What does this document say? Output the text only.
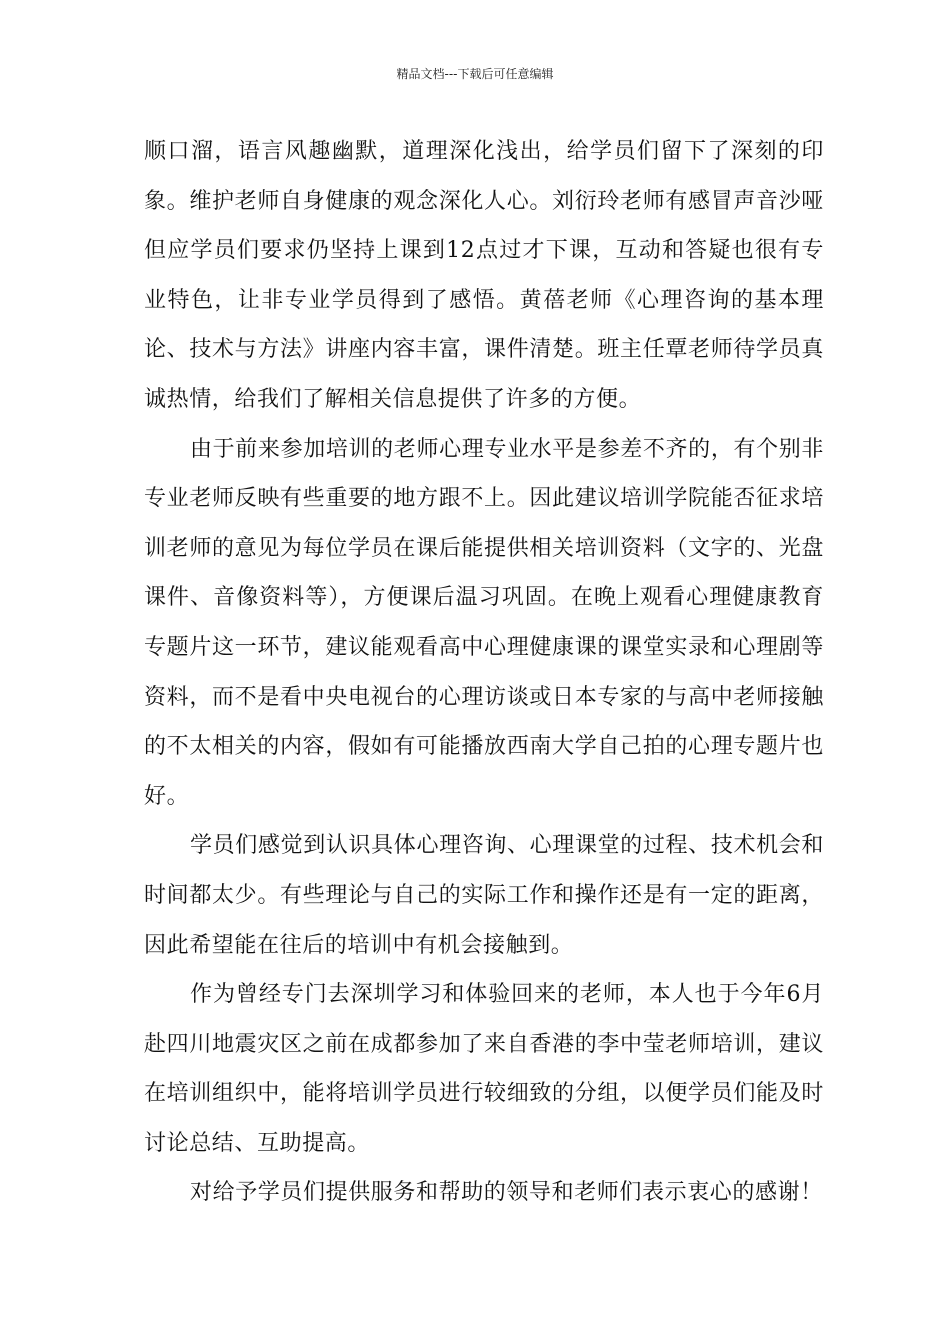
精品文档---下载后可任意编辑

顺口溜，语言风趣幽默，道理深化浅出，给学员们留下了深刻的印象。维护老师自身健康的观念深化人心。刘衍玲老师有感冒声音沙哑但应学员们要求仍坚持上课到12点过才下课，互动和答疑也很有专业特色，让非专业学员得到了感悟。黄蓓老师《心理咨询的基本理论、技术与方法》讲座内容丰富，课件清楚。班主任覃老师待学员真诚热情，给我们了解相关信息提供了许多的方便。

由于前来参加培训的老师心理专业水平是参差不齐的，有个别非专业老师反映有些重要的地方跟不上。因此建议培训学院能否征求培训老师的意见为每位学员在课后能提供相关培训资料（文字的、光盘课件、音像资料等），方便课后温习巩固。在晚上观看心理健康教育专题片这一环节，建议能观看高中心理健康课的课堂实录和心理剧等资料，而不是看中央电视台的心理访谈或日本专家的与高中老师接触的不太相关的内容，假如有可能播放西南大学自己拍的心理专题片也好。

学员们感觉到认识具体心理咨询、心理课堂的过程、技术机会和时间都太少。有些理论与自己的实际工作和操作还是有一定的距离，因此希望能在往后的培训中有机会接触到。

作为曾经专门去深圳学习和体验回来的老师，本人也于今年6月赴四川地震灾区之前在成都参加了来自香港的李中莹老师培训，建议在培训组织中，能将培训学员进行较细致的分组，以便学员们能及时讨论总结、互助提高。

对给予学员们提供服务和帮助的领导和老师们表示衷心的感谢！
